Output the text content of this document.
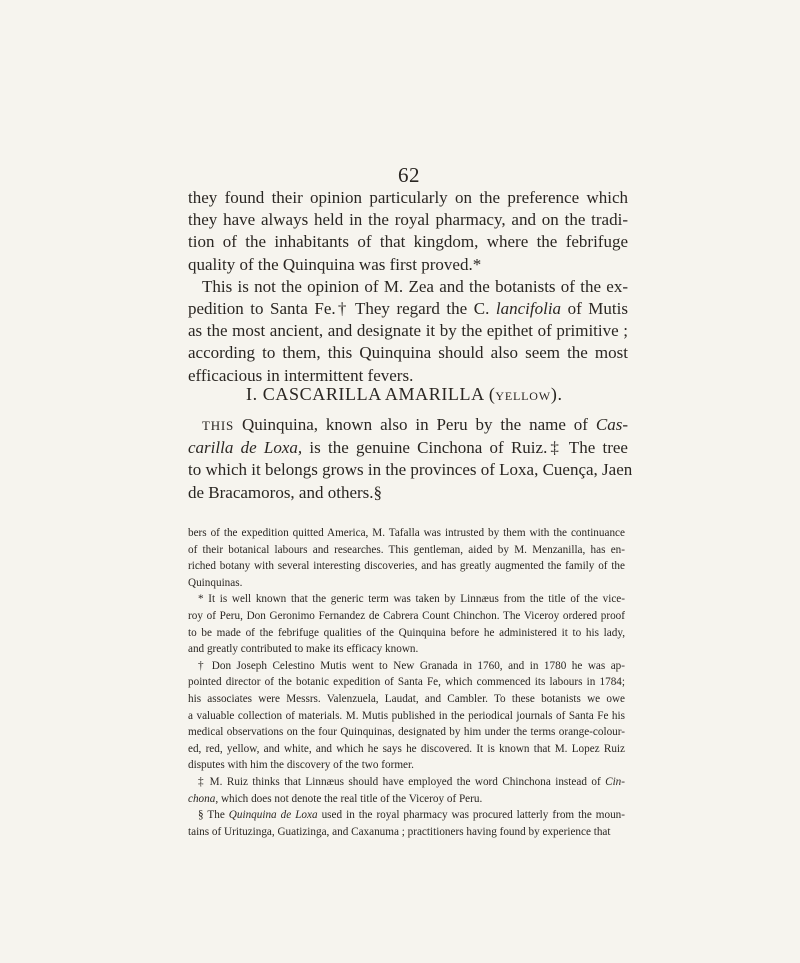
62
they found their opinion particularly on the preference which
they have always held in the royal pharmacy, and on the tradi-
tion of the inhabitants of that kingdom, where the febrifuge
quality of the Quinquina was first proved.*
This is not the opinion of M. Zea and the botanists of the ex-
pedition to Santa Fe.† They regard the C. lancifolia of Mutis
as the most ancient, and designate it by the epithet of primitive ;
according to them, this Quinquina should also seem the most
efficacious in intermittent fevers.
I. CASCARILLA AMARILLA (YELLOW).
THIS Quinquina, known also in Peru by the name of Cas-
carilla de Loxa, is the genuine Cinchona of Ruiz.‡ The tree
to which it belongs grows in the provinces of Loxa, Cuença, Jaen
de Bracamoros, and others.§
bers of the expedition quitted America, M. Tafalla was intrusted by them with the continuance
of their botanical labours and researches. This gentleman, aided by M. Menzanilla, has en-
riched botany with several interesting discoveries, and has greatly augmented the family of the
Quinquinas.
* It is well known that the generic term was taken by Linnæus from the title of the vice-
roy of Peru, Don Geronimo Fernandez de Cabrera Count Chinchon. The Viceroy ordered proof
to be made of the febrifuge qualities of the Quinquina before he administered it to his lady,
and greatly contributed to make its efficacy known.
† Don Joseph Celestino Mutis went to New Granada in 1760, and in 1780 he was ap-
pointed director of the botanic expedition of Santa Fe, which commenced its labours in 1784;
his associates were Messrs. Valenzuela, Laudat, and Cambler. To these botanists we owe
a valuable collection of materials. M. Mutis published in the periodical journals of Santa Fe his
medical observations on the four Quinquinas, designated by him under the terms orange-colour-
ed, red, yellow, and white, and which he says he discovered. It is known that M. Lopez Ruiz
disputes with him the discovery of the two former.
‡ M. Ruiz thinks that Linnæus should have employed the word Chinchona instead of Cin-
chona, which does not denote the real title of the Viceroy of Peru.
§ The Quinquina de Loxa used in the royal pharmacy was procured latterly from the moun-
tains of Urituzinga, Guatizinga, and Caxanuma ; practitioners having found by experience that
